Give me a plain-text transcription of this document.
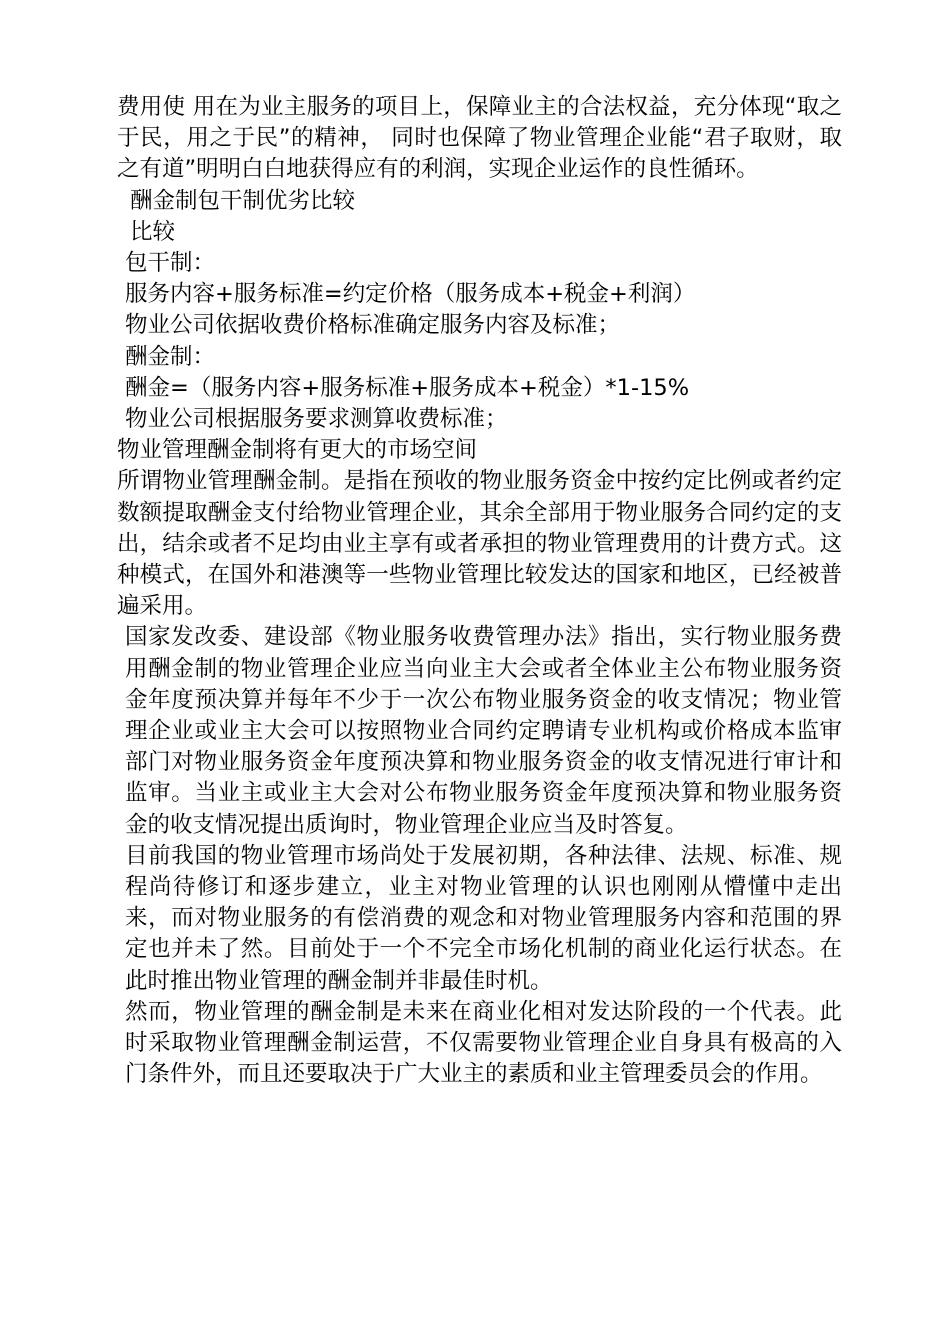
费用使 用在为业主服务的项目上，保障业主的合法权益，充分体现“取之于民，用之于民”的精神， 同时也保障了物业管理企业能“君子取财，取之有道”明明白白地获得应有的利润，实现企业运作的良性循环。

酬金制包干制优劣比较

比较

包干制：

服务内容+服务标准=约定价格（服务成本+税金+利润）

物业公司依据收费价格标准确定服务内容及标准；

酬金制：

酬金=（服务内容+服务标准+服务成本+税金）*1-15%

物业公司根据服务要求测算收费标准；

物业管理酬金制将有更大的市场空间

所谓物业管理酬金制。是指在预收的物业服务资金中按约定比例或者约定数额提取酬金支付给物业管理企业，其余全部用于物业服务合同约定的支出，结余或者不足均由业主享有或者承担的物业管理费用的计费方式。这种模式，在国外和港澳等一些物业管理比较发达的国家和地区，已经被普遍采用。

国家发改委、建设部《物业服务收费管理办法》指出，实行物业服务费用酬金制的物业管理企业应当向业主大会或者全体业主公布物业服务资金年度预决算并每年不少于一次公布物业服务资金的收支情况；物业管理企业或业主大会可以按照物业合同约定聘请专业机构或价格成本监审部门对物业服务资金年度预决算和物业服务资金的收支情况进行审计和监审。当业主或业主大会对公布物业服务资金年度预决算和物业服务资金的收支情况提出质询时，物业管理企业应当及时答复。

目前我国的物业管理市场尚处于发展初期，各种法律、法规、标准、规程尚待修订和逐步建立，业主对物业管理的认识也刚刚从懵懂中走出来，而对物业服务的有偿消费的观念和对物业管理服务内容和范围的界定也并未了然。目前处于一个不完全市场化机制的商业化运行状态。在此时推出物业管理的酬金制并非最佳时机。

然而，物业管理的酬金制是未来在商业化相对发达阶段的一个代表。此时采取物业管理酬金制运营，不仅需要物业管理企业自身具有极高的入门条件外，而且还要取决于广大业主的素质和业主管理委员会的作用。
